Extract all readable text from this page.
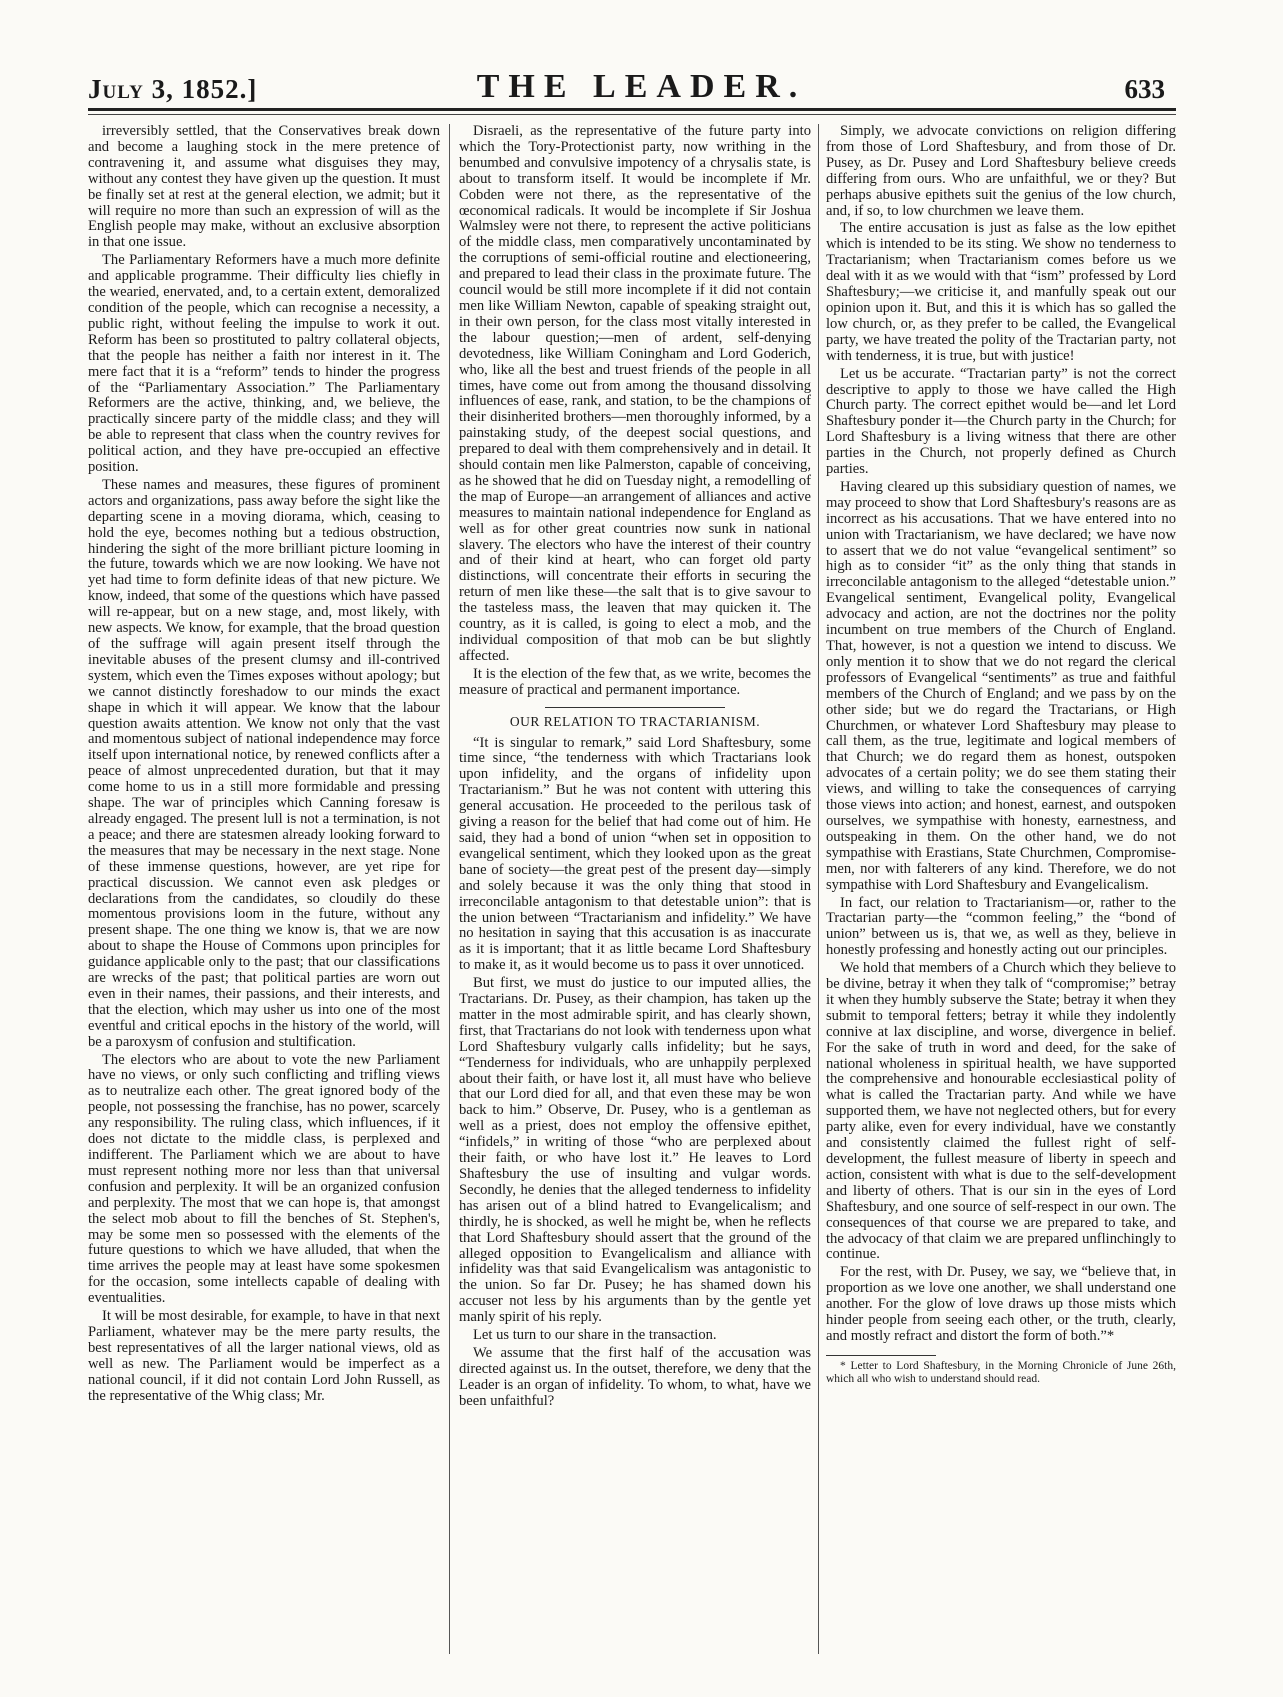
July 3, 1852.]	THE LEADER.	633

irreversibly settled, that the Conservatives break down and become a laughing stock in the mere pretence of contravening it, and assume what disguises they may, without any contest they have given up the question. It must be finally set at rest at the general election, we admit; but it will require no more than such an expression of will as the English people may make, without an exclusive absorption in that one issue.

The Parliamentary Reformers have a much more definite and applicable programme. Their difficulty lies chiefly in the wearied, enervated, and, to a certain extent, demoralized condition of the people, which can recognise a necessity, a public right, without feeling the impulse to work it out. Reform has been so prostituted to paltry collateral objects, that the people has neither a faith nor interest in it. The mere fact that it is a “reform” tends to hinder the progress of the “Parliamentary Association.” The Parliamentary Reformers are the active, thinking, and, we believe, the practically sincere party of the middle class; and they will be able to represent that class when the country revives for political action, and they have pre-occupied an effective position.

These names and measures, these figures of prominent actors and organizations, pass away before the sight like the departing scene in a moving diorama, which, ceasing to hold the eye, becomes nothing but a tedious obstruction, hindering the sight of the more brilliant picture looming in the future, towards which we are now looking. We have not yet had time to form definite ideas of that new picture. We know, indeed, that some of the questions which have passed will re-appear, but on a new stage, and, most likely, with new aspects. We know, for example, that the broad question of the suffrage will again present itself through the inevitable abuses of the present clumsy and ill-contrived system, which even the Times exposes without apology; but we cannot distinctly foreshadow to our minds the exact shape in which it will appear. We know that the labour question awaits attention. We know not only that the vast and momentous subject of national independence may force itself upon international notice, by renewed conflicts after a peace of almost unprecedented duration, but that it may come home to us in a still more formidable and pressing shape. The war of principles which Canning foresaw is already engaged. The present lull is not a termination, is not a peace; and there are statesmen already looking forward to the measures that may be necessary in the next stage. None of these immense questions, however, are yet ripe for practical discussion. We cannot even ask pledges or declarations from the candidates, so cloudily do these momentous provisions loom in the future, without any present shape. The one thing we know is, that we are now about to shape the House of Commons upon principles for guidance applicable only to the past; that our classifications are wrecks of the past; that political parties are worn out even in their names, their passions, and their interests, and that the election, which may usher us into one of the most eventful and critical epochs in the history of the world, will be a paroxysm of confusion and stultification.

The electors who are about to vote the new Parliament have no views, or only such conflicting and trifling views as to neutralize each other. The great ignored body of the people, not possessing the franchise, has no power, scarcely any responsibility. The ruling class, which influences, if it does not dictate to the middle class, is perplexed and indifferent. The Parliament which we are about to have must represent nothing more nor less than that universal confusion and perplexity. It will be an organized confusion and perplexity. The most that we can hope is, that amongst the select mob about to fill the benches of St. Stephen's, may be some men so possessed with the elements of the future questions to which we have alluded, that when the time arrives the people may at least have some spokesmen for the occasion, some intellects capable of dealing with eventualities.

It will be most desirable, for example, to have in that next Parliament, whatever may be the mere party results, the best representatives of all the larger national views, old as well as new. The Parliament would be imperfect as a national council, if it did not contain Lord John Russell, as the representative of the Whig class; Mr.

Disraeli, as the representative of the future party into which the Tory-Protectionist party, now writhing in the benumbed and convulsive impotency of a chrysalis state, is about to transform itself. It would be incomplete if Mr. Cobden were not there, as the representative of the œconomical radicals. It would be incomplete if Sir Joshua Walmsley were not there, to represent the active politicians of the middle class, men comparatively uncontaminated by the corruptions of semi-official routine and electioneering, and prepared to lead their class in the proximate future. The council would be still more incomplete if it did not contain men like William Newton, capable of speaking straight out, in their own person, for the class most vitally interested in the labour question;—men of ardent, self-denying devotedness, like William Coningham and Lord Goderich, who, like all the best and truest friends of the people in all times, have come out from among the thousand dissolving influences of ease, rank, and station, to be the champions of their disinherited brothers—men thoroughly informed, by a painstaking study, of the deepest social questions, and prepared to deal with them comprehensively and in detail. It should contain men like Palmerston, capable of conceiving, as he showed that he did on Tuesday night, a remodelling of the map of Europe—an arrangement of alliances and active measures to maintain national independence for England as well as for other great countries now sunk in national slavery. The electors who have the interest of their country and of their kind at heart, who can forget old party distinctions, will concentrate their efforts in securing the return of men like these—the salt that is to give savour to the tasteless mass, the leaven that may quicken it. The country, as it is called, is going to elect a mob, and the individual composition of that mob can be but slightly affected.

It is the election of the few that, as we write, becomes the measure of practical and permanent importance.

OUR RELATION TO TRACTARIANISM.

“It is singular to remark,” said Lord Shaftesbury, some time since, “the tenderness with which Tractarians look upon infidelity, and the organs of infidelity upon Tractarianism.” But he was not content with uttering this general accusation. He proceeded to the perilous task of giving a reason for the belief that had come out of him. He said, they had a bond of union “when set in opposition to evangelical sentiment, which they looked upon as the great bane of society—the great pest of the present day—simply and solely because it was the only thing that stood in irreconcilable antagonism to that detestable union”: that is the union between “Tractarianism and infidelity.” We have no hesitation in saying that this accusation is as inaccurate as it is important; that it as little became Lord Shaftesbury to make it, as it would become us to pass it over unnoticed.

But first, we must do justice to our imputed allies, the Tractarians. Dr. Pusey, as their champion, has taken up the matter in the most admirable spirit, and has clearly shown, first, that Tractarians do not look with tenderness upon what Lord Shaftesbury vulgarly calls infidelity; but he says, “Tenderness for individuals, who are unhappily perplexed about their faith, or have lost it, all must have who believe that our Lord died for all, and that even these may be won back to him.” Observe, Dr. Pusey, who is a gentleman as well as a priest, does not employ the offensive epithet, “infidels,” in writing of those “who are perplexed about their faith, or who have lost it.” He leaves to Lord Shaftesbury the use of insulting and vulgar words. Secondly, he denies that the alleged tenderness to infidelity has arisen out of a blind hatred to Evangelicalism; and thirdly, he is shocked, as well he might be, when he reflects that Lord Shaftesbury should assert that the ground of the alleged opposition to Evangelicalism and alliance with infidelity was that said Evangelicalism was antagonistic to the union. So far Dr. Pusey; he has shamed down his accuser not less by his arguments than by the gentle yet manly spirit of his reply.

Let us turn to our share in the transaction.

We assume that the first half of the accusation was directed against us. In the outset, therefore, we deny that the Leader is an organ of infidelity. To whom, to what, have we been unfaithful?

Simply, we advocate convictions on religion differing from those of Lord Shaftesbury, and from those of Dr. Pusey, as Dr. Pusey and Lord Shaftesbury believe creeds differing from ours. Who are unfaithful, we or they? But perhaps abusive epithets suit the genius of the low church, and, if so, to low churchmen we leave them.

The entire accusation is just as false as the low epithet which is intended to be its sting. We show no tenderness to Tractarianism; when Tractarianism comes before us we deal with it as we would with that “ism” professed by Lord Shaftesbury;—we criticise it, and manfully speak out our opinion upon it. But, and this it is which has so galled the low church, or, as they prefer to be called, the Evangelical party, we have treated the polity of the Tractarian party, not with tenderness, it is true, but with justice!

Let us be accurate. “Tractarian party” is not the correct descriptive to apply to those we have called the High Church party. The correct epithet would be—and let Lord Shaftesbury ponder it—the Church party in the Church; for Lord Shaftesbury is a living witness that there are other parties in the Church, not properly defined as Church parties.

Having cleared up this subsidiary question of names, we may proceed to show that Lord Shaftesbury's reasons are as incorrect as his accusations. That we have entered into no union with Tractarianism, we have declared; we have now to assert that we do not value “evangelical sentiment” so high as to consider “it” as the only thing that stands in irreconcilable antagonism to the alleged “detestable union.” Evangelical sentiment, Evangelical polity, Evangelical advocacy and action, are not the doctrines nor the polity incumbent on true members of the Church of England. That, however, is not a question we intend to discuss. We only mention it to show that we do not regard the clerical professors of Evangelical “sentiments” as true and faithful members of the Church of England; and we pass by on the other side; but we do regard the Tractarians, or High Churchmen, or whatever Lord Shaftesbury may please to call them, as the true, legitimate and logical members of that Church; we do regard them as honest, outspoken advocates of a certain polity; we do see them stating their views, and willing to take the consequences of carrying those views into action; and honest, earnest, and outspoken ourselves, we sympathise with honesty, earnestness, and outspeaking in them. On the other hand, we do not sympathise with Erastians, State Churchmen, Compromise-men, nor with falterers of any kind. Therefore, we do not sympathise with Lord Shaftesbury and Evangelicalism.

In fact, our relation to Tractarianism—or, rather to the Tractarian party—the “common feeling,” the “bond of union” between us is, that we, as well as they, believe in honestly professing and honestly acting out our principles.

We hold that members of a Church which they believe to be divine, betray it when they talk of “compromise;” betray it when they humbly subserve the State; betray it when they submit to temporal fetters; betray it while they indolently connive at lax discipline, and worse, divergence in belief. For the sake of truth in word and deed, for the sake of national wholeness in spiritual health, we have supported the comprehensive and honourable ecclesiastical polity of what is called the Tractarian party. And while we have supported them, we have not neglected others, but for every party alike, even for every individual, have we constantly and consistently claimed the fullest right of self-development, the fullest measure of liberty in speech and action, consistent with what is due to the self-development and liberty of others. That is our sin in the eyes of Lord Shaftesbury, and one source of self-respect in our own. The consequences of that course we are prepared to take, and the advocacy of that claim we are prepared unflinchingly to continue.

For the rest, with Dr. Pusey, we say, we “believe that, in proportion as we love one another, we shall understand one another. For the glow of love draws up those mists which hinder people from seeing each other, or the truth, clearly, and mostly refract and distort the form of both.”*

* Letter to Lord Shaftesbury, in the Morning Chronicle of June 26th, which all who wish to understand should read.
